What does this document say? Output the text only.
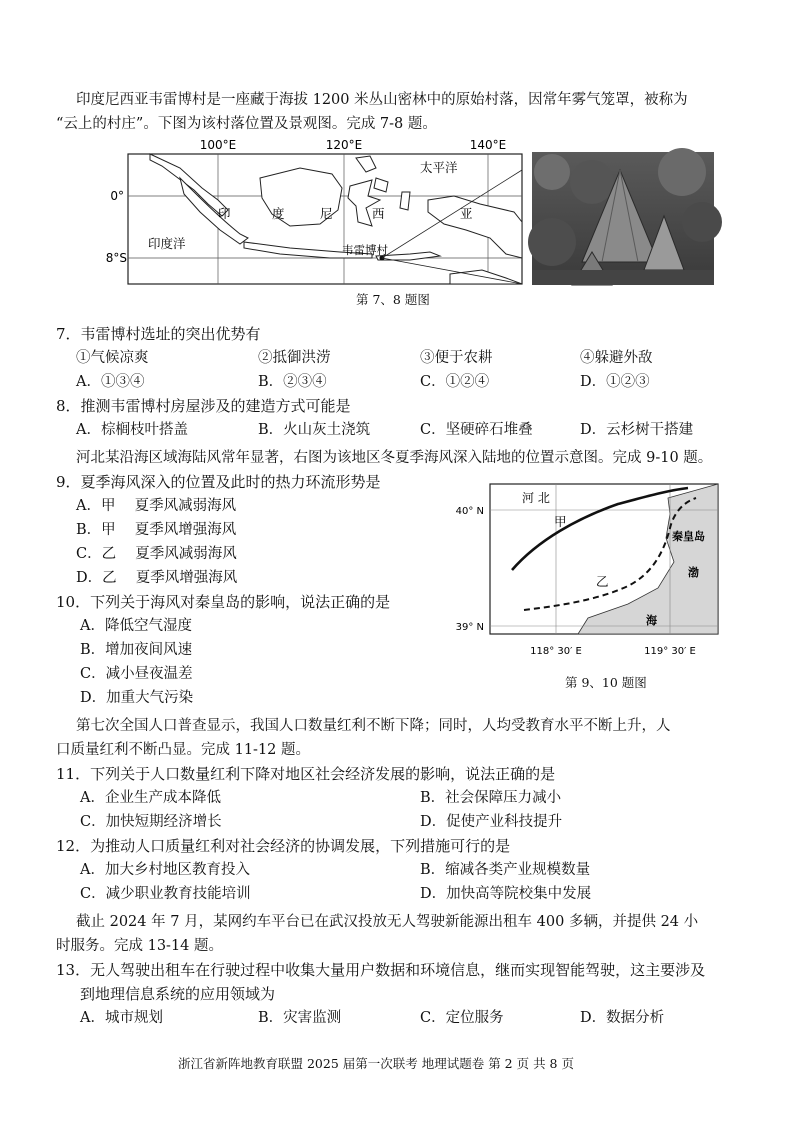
印度尼西亚韦雷博村是一座藏于海拔 1200 米丛山密林中的原始村落，因常年雾气笼罩，被称为
“云上的村庄”。下图为该村落位置及景观图。完成 7-8 题。
100°E	120°E	140°E
0°
8°S
太平洋
印度洋
印	度	尼	西	亚
韦雷博村
第 7、8 题图
7．韦雷博村选址的突出优势有
①气候凉爽	②抵御洪涝	③便于农耕	④躲避外敌
A．①③④	B．②③④	C．①②④	D．①②③
8．推测韦雷博村房屋涉及的建造方式可能是
A．棕榈枝叶搭盖	B．火山灰土浇筑	C．坚硬碎石堆叠	D．云杉树干搭建
河北某沿海区域海陆风常年显著，右图为该地区冬夏季海风深入陆地的位置示意图。完成 9-10 题。
9．夏季海风深入的位置及此时的热力环流形势是
A．甲　 夏季风减弱海风
B．甲　 夏季风增强海风
C．乙　 夏季风减弱海风
D．乙　 夏季风增强海风
10．下列关于海风对秦皇岛的影响，说法正确的是
A．降低空气湿度
B．增加夜间风速
C．减小昼夜温差
D．加重大气污染
40° N
39° N
118° 30′ E	119° 30′ E
河 北
甲
乙
秦皇岛
渤
海
第 9、10 题图
第七次全国人口普查显示，我国人口数量红利不断下降；同时，人均受教育水平不断上升，人
口质量红利不断凸显。完成 11-12 题。
11．下列关于人口数量红利下降对地区社会经济发展的影响，说法正确的是
A．企业生产成本降低	B．社会保障压力减小
C．加快短期经济增长	D．促使产业科技提升
12．为推动人口质量红利对社会经济的协调发展，下列措施可行的是
A．加大乡村地区教育投入	B．缩减各类产业规模数量
C．减少职业教育技能培训	D．加快高等院校集中发展
截止 2024 年 7 月，某网约车平台已在武汉投放无人驾驶新能源出租车 400 多辆，并提供 24 小
时服务。完成 13-14 题。
13．无人驾驶出租车在行驶过程中收集大量用户数据和环境信息，继而实现智能驾驶，这主要涉及
到地理信息系统的应用领域为
A．城市规划	B．灾害监测	C．定位服务	D．数据分析
浙江省新阵地教育联盟 2025 届第一次联考 地理试题卷 第 2 页 共 8 页
